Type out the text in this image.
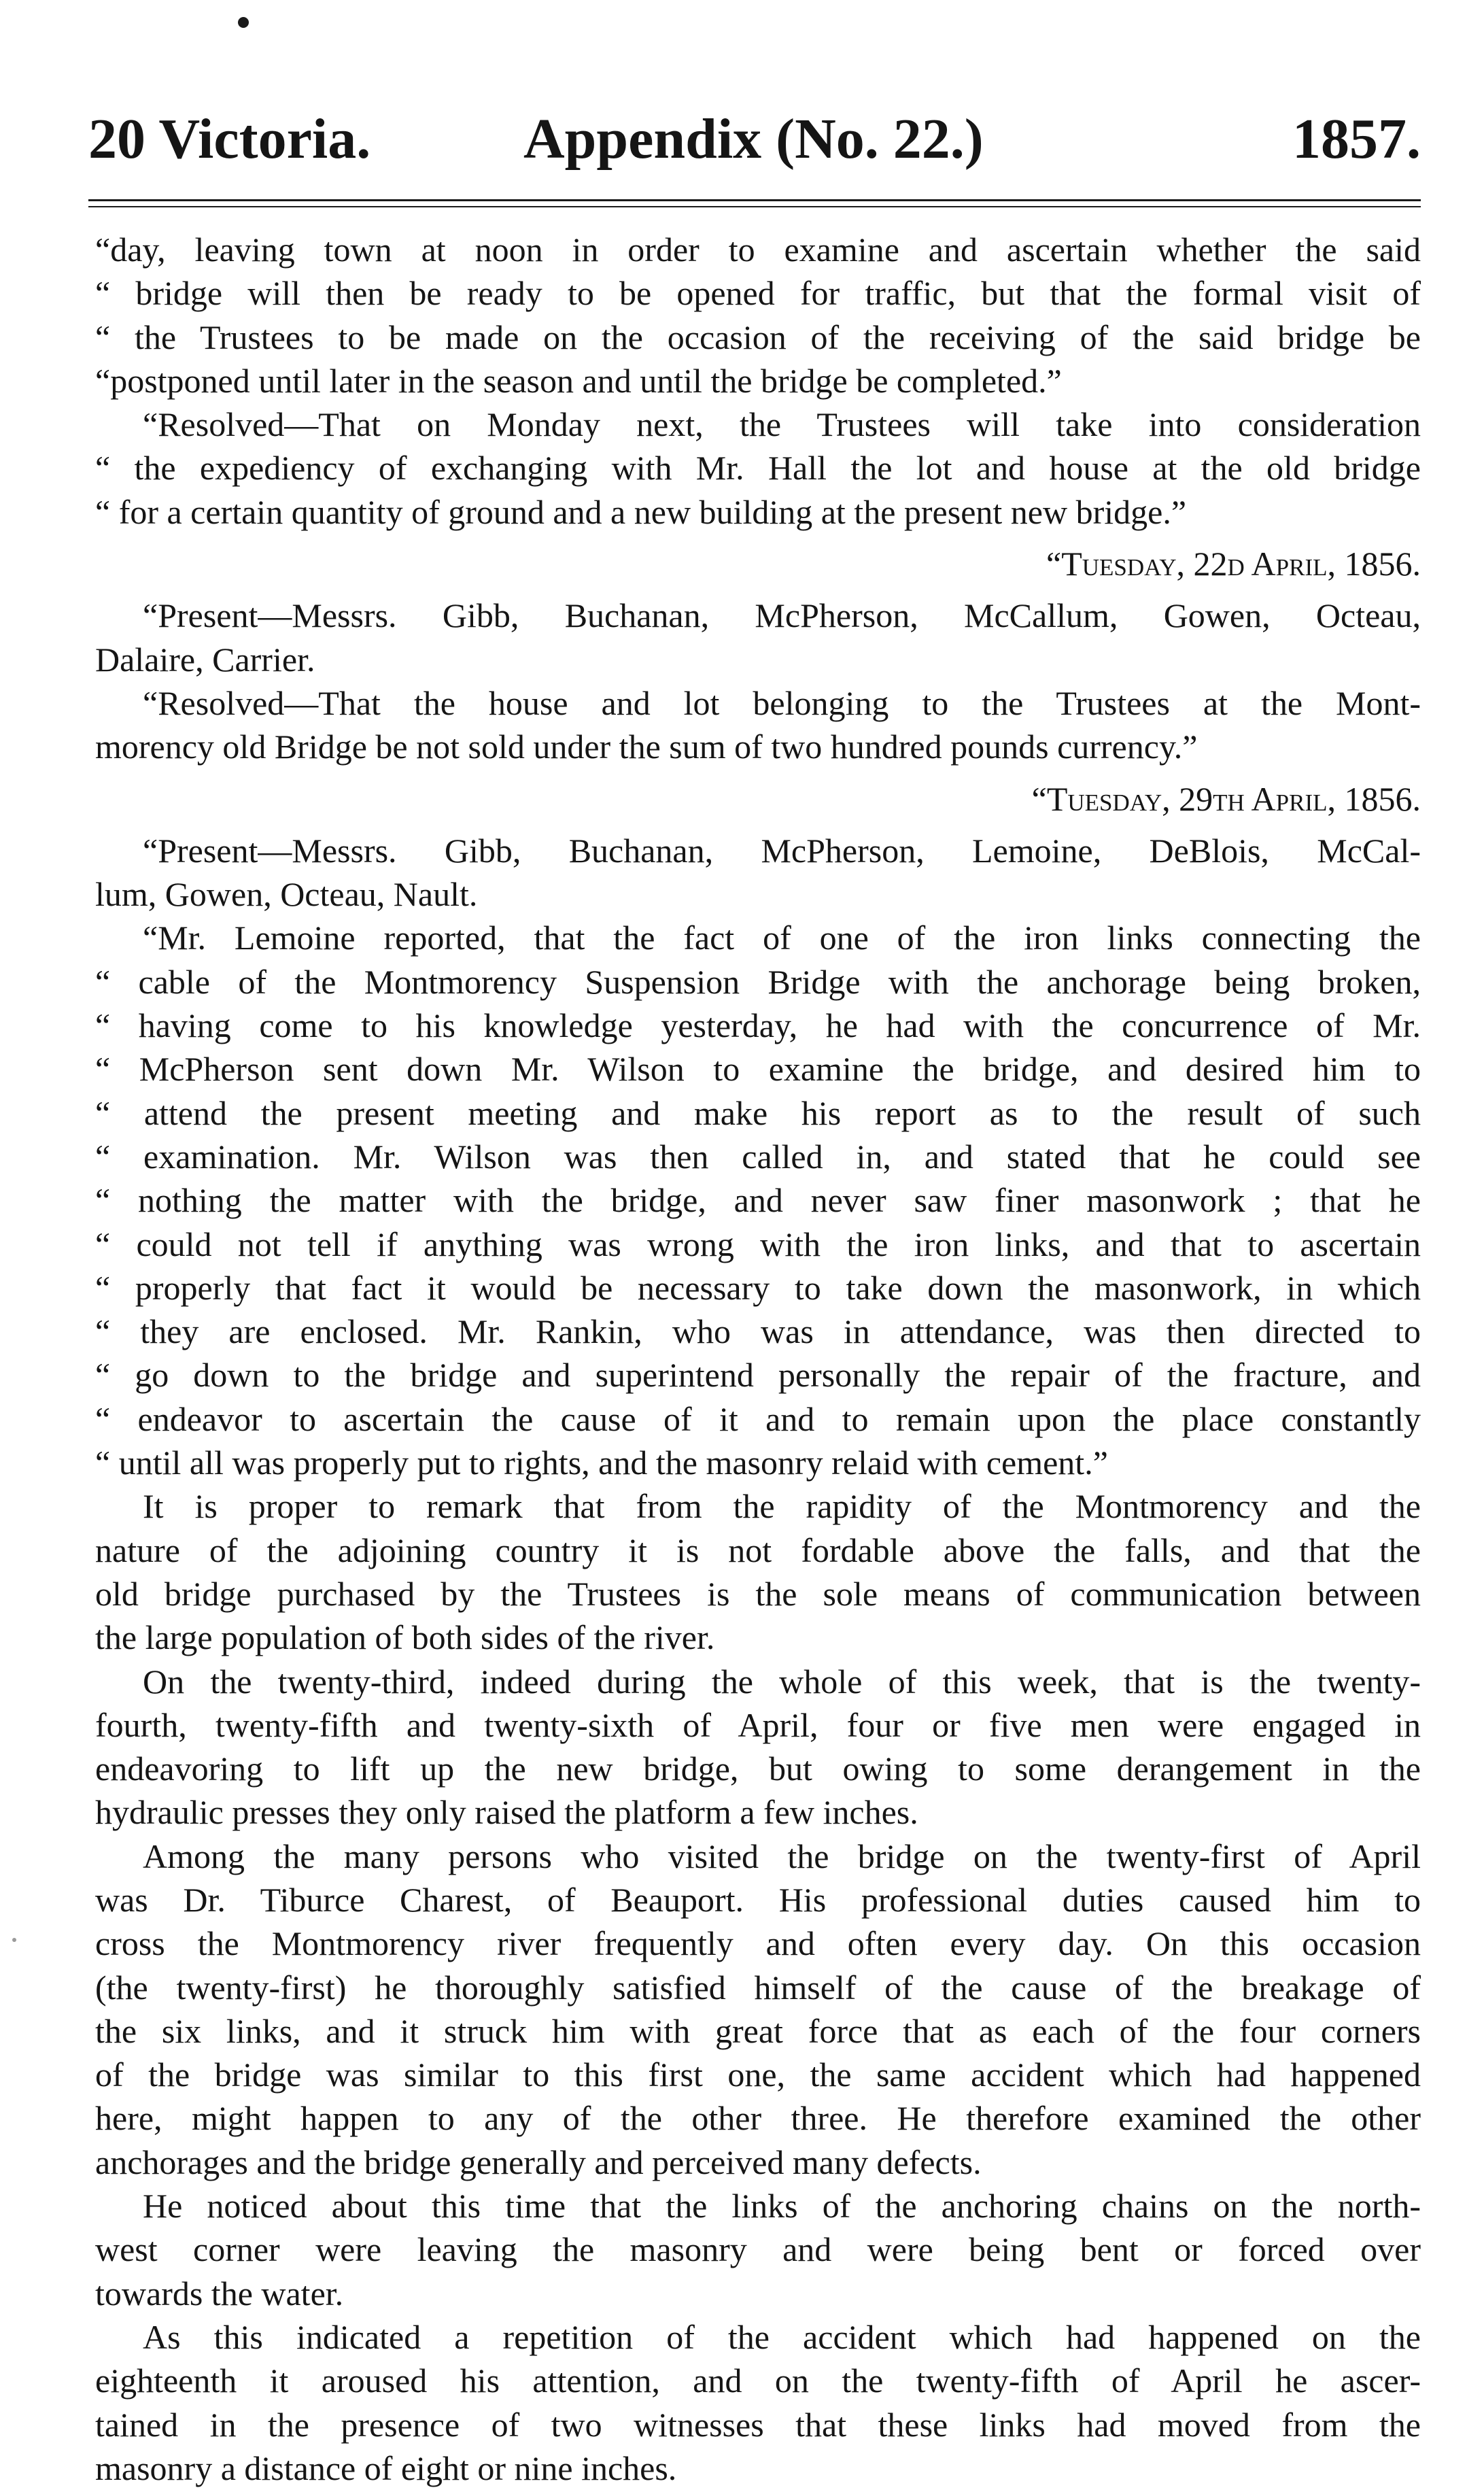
20 Victoria.	Appendix (No. 22.)	1857.
“day, leaving town at noon in order to examine and ascertain whether the said
“ bridge will then be ready to be opened for traffic, but that the formal visit of
“ the Trustees to be made on the occasion of the receiving of the said bridge be
“postponed until later in the season and until the bridge be completed.”
“Resolved—That on Monday next, the Trustees will take into consideration
“ the expediency of exchanging with Mr. Hall the lot and house at the old bridge
“ for a certain quantity of ground and a new building at the present new bridge.”
“Tuesday, 22d April, 1856.
“Present—Messrs. Gibb, Buchanan, McPherson, McCallum, Gowen, Octeau,
Dalaire, Carrier.
“Resolved—That the house and lot belonging to the Trustees at the Mont-
morency old Bridge be not sold under the sum of two hundred pounds currency.”
“Tuesday, 29th April, 1856.
“Present—Messrs. Gibb, Buchanan, McPherson, Lemoine, DeBlois, McCal-
lum, Gowen, Octeau, Nault.
“Mr. Lemoine reported, that the fact of one of the iron links connecting the
“ cable of the Montmorency Suspension Bridge with the anchorage being broken,
“ having come to his knowledge yesterday, he had with the concurrence of Mr.
“ McPherson sent down Mr. Wilson to examine the bridge, and desired him to
“ attend the present meeting and make his report as to the result of such
“ examination. Mr. Wilson was then called in, and stated that he could see
“ nothing the matter with the bridge, and never saw finer masonwork ; that he
“ could not tell if anything was wrong with the iron links, and that to ascertain
“ properly that fact it would be necessary to take down the masonwork, in which
“ they are enclosed. Mr. Rankin, who was in attendance, was then directed to
“ go down to the bridge and superintend personally the repair of the fracture, and
“ endeavor to ascertain the cause of it and to remain upon the place constantly
“ until all was properly put to rights, and the masonry relaid with cement.”
It is proper to remark that from the rapidity of the Montmorency and the
nature of the adjoining country it is not fordable above the falls, and that the
old bridge purchased by the Trustees is the sole means of communication between
the large population of both sides of the river.
On the twenty-third, indeed during the whole of this week, that is the twenty-
fourth, twenty-fifth and twenty-sixth of April, four or five men were engaged in
endeavoring to lift up the new bridge, but owing to some derangement in the
hydraulic presses they only raised the platform a few inches.
Among the many persons who visited the bridge on the twenty-first of April
was Dr. Tiburce Charest, of Beauport. His professional duties caused him to
cross the Montmorency river frequently and often every day. On this occasion
(the twenty-first) he thoroughly satisfied himself of the cause of the breakage of
the six links, and it struck him with great force that as each of the four corners
of the bridge was similar to this first one, the same accident which had happened
here, might happen to any of the other three. He therefore examined the other
anchorages and the bridge generally and perceived many defects.
He noticed about this time that the links of the anchoring chains on the north-
west corner were leaving the masonry and were being bent or forced over
towards the water.
As this indicated a repetition of the accident which had happened on the
eighteenth it aroused his attention, and on the twenty-fifth of April he ascer-
tained in the presence of two witnesses that these links had moved from the
masonry a distance of eight or nine inches.
